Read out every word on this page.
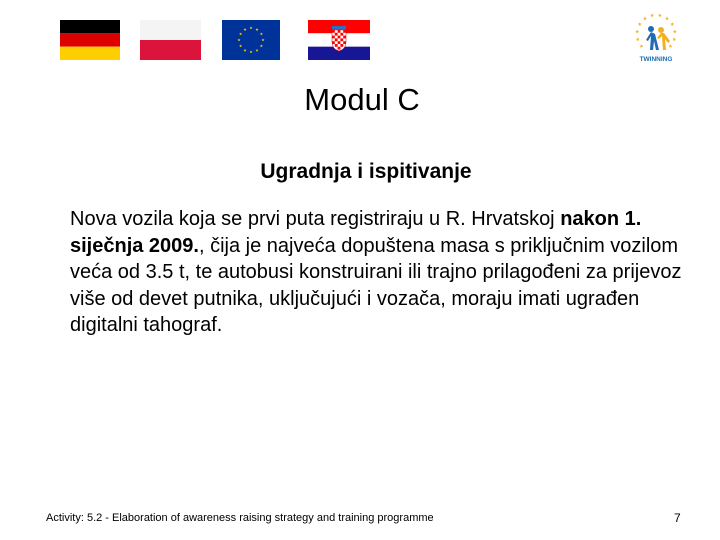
TWINNING
Modul C
Ugradnja i ispitivanje
Nova vozila koja se prvi puta registriraju u R. Hrvatskoj nakon 1. siječnja 2009., čija je najveća dopuštena masa s priključnim vozilom veća od 3.5 t, te autobusi konstruirani ili trajno prilagođeni za prijevoz više od devet putnika, uključujući i vozača, moraju imati ugrađen digitalni tahograf.
Activity: 5.2 - Elaboration of awareness raising strategy and training programme	7
